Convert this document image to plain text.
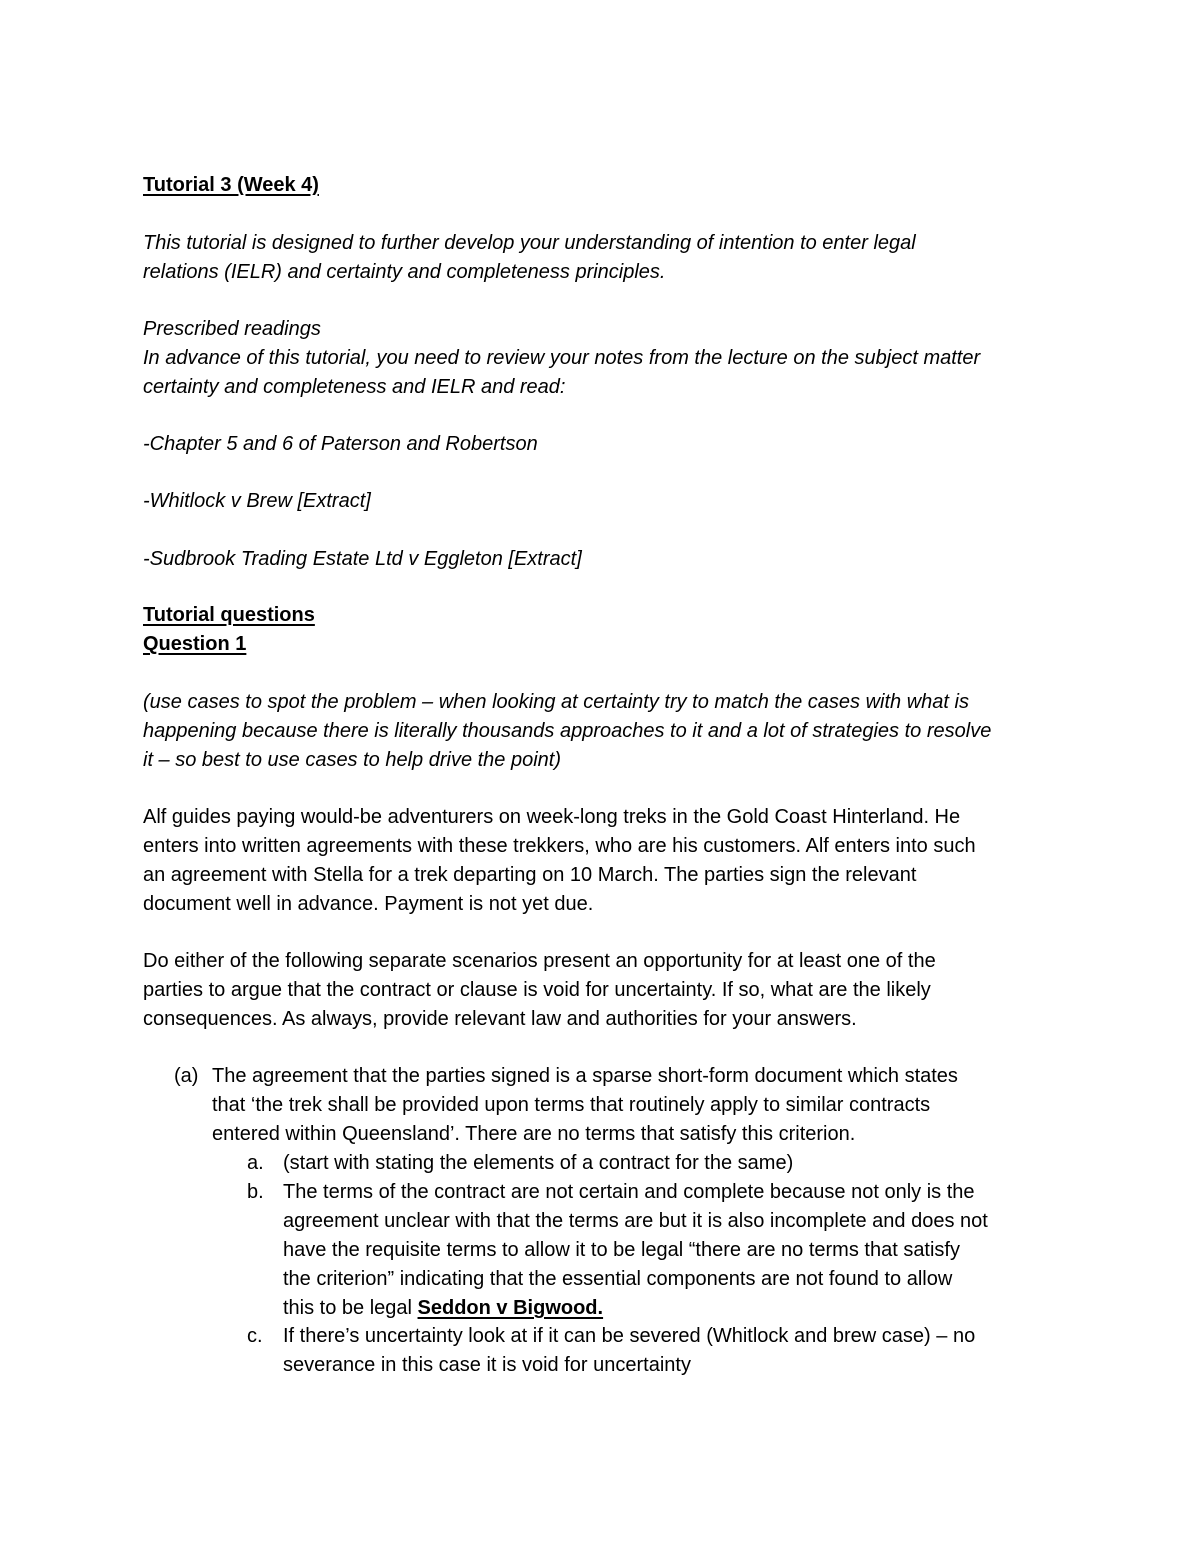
Tutorial 3 (Week 4)
This tutorial is designed to further develop your understanding of intention to enter legal
relations (IELR) and certainty and completeness principles.
Prescribed readings
In advance of this tutorial, you need to review your notes from the lecture on the subject matter
certainty and completeness and IELR and read:
-Chapter 5 and 6 of Paterson and Robertson
-Whitlock v Brew [Extract]
-Sudbrook Trading Estate Ltd v Eggleton [Extract]
Tutorial questions
Question 1
(use cases to spot the problem – when looking at certainty try to match the cases with what is
happening because there is literally thousands approaches to it and a lot of strategies to resolve
it – so best to use cases to help drive the point)
Alf guides paying would-be adventurers on week-long treks in the Gold Coast Hinterland. He
enters into written agreements with these trekkers, who are his customers. Alf enters into such
an agreement with Stella for a trek departing on 10 March. The parties sign the relevant
document well in advance. Payment is not yet due.
Do either of the following separate scenarios present an opportunity for at least one of the
parties to argue that the contract or clause is void for uncertainty. If so, what are the likely
consequences. As always, provide relevant law and authorities for your answers.
(a) The agreement that the parties signed is a sparse short-form document which states
that ‘the trek shall be provided upon terms that routinely apply to similar contracts
entered within Queensland’. There are no terms that satisfy this criterion.
a. (start with stating the elements of a contract for the same)
b. The terms of the contract are not certain and complete because not only is the
agreement unclear with that the terms are but it is also incomplete and does not
have the requisite terms to allow it to be legal “there are no terms that satisfy
the criterion” indicating that the essential components are not found to allow
this to be legal Seddon v Bigwood.
c. If there’s uncertainty look at if it can be severed (Whitlock and brew case) – no
severance in this case it is void for uncertainty
